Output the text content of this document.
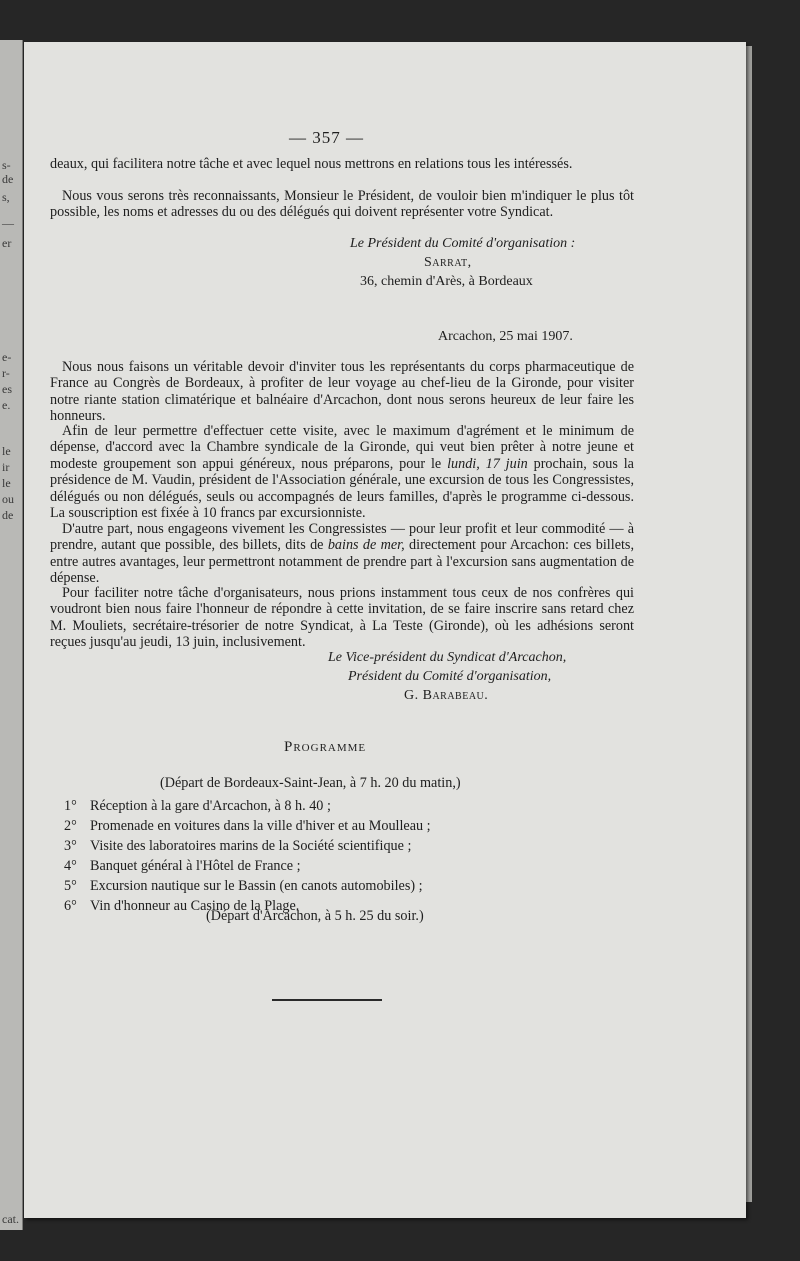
s-
de
s,
—
er
e-
r-
es
e.
le
ir
le
ou
de
cat.
— 357 —

deaux, qui facilitera notre tâche et avec lequel nous mettrons en relations tous les intéressés.

Nous vous serons très reconnaissants, Monsieur le Président, de vouloir bien m'indiquer le plus tôt possible, les noms et adresses du ou des délégués qui doivent représenter votre Syndicat.

Le Président du Comité d'organisation :
Sarrat,
36, chemin d'Arès, à Bordeaux
Arcachon, 25 mai 1907.

Nous nous faisons un véritable devoir d'inviter tous les représentants du corps pharmaceutique de France au Congrès de Bordeaux, à profiter de leur voyage au chef-lieu de la Gironde, pour visiter notre riante station climatérique et balnéaire d'Arcachon, dont nous serons heureux de leur faire les honneurs.

Afin de leur permettre d'effectuer cette visite, avec le maximum d'agrément et le minimum de dépense, d'accord avec la Chambre syndicale de la Gironde, qui veut bien prêter à notre jeune et modeste groupement son appui généreux, nous préparons, pour le lundi, 17 juin prochain, sous la présidence de M. Vaudin, président de l'Association générale, une excursion de tous les Congressistes, délégués ou non délégués, seuls ou accompagnés de leurs familles, d'après le programme ci-dessous. La souscription est fixée à 10 francs par excursionniste.

D'autre part, nous engageons vivement les Congressistes — pour leur profit et leur commodité — à prendre, autant que possible, des billets, dits de bains de mer, directement pour Arcachon: ces billets, entre autres avantages, leur permettront notamment de prendre part à l'excursion sans augmentation de dépense.

Pour faciliter notre tâche d'organisateurs, nous prions instamment tous ceux de nos confrères qui voudront bien nous faire l'honneur de répondre à cette invitation, de se faire inscrire sans retard chez M. Mouliets, secrétaire-trésorier de notre Syndicat, à La Teste (Gironde), où les adhésions seront reçues jusqu'au jeudi, 13 juin, inclusivement.

Le Vice-président du Syndicat d'Arcachon,
Président du Comité d'organisation,
G. Barabeau.
Programme
(Départ de Bordeaux-Saint-Jean, à 7 h. 20 du matin,)
1° Réception à la gare d'Arcachon, à 8 h. 40 ;
2° Promenade en voitures dans la ville d'hiver et au Moulleau ;
3° Visite des laboratoires marins de la Société scientifique ;
4° Banquet général à l'Hôtel de France ;
5° Excursion nautique sur le Bassin (en canots automobiles) ;
6° Vin d'honneur au Casino de la Plage.
(Départ d'Arcachon, à 5 h. 25 du soir.)
